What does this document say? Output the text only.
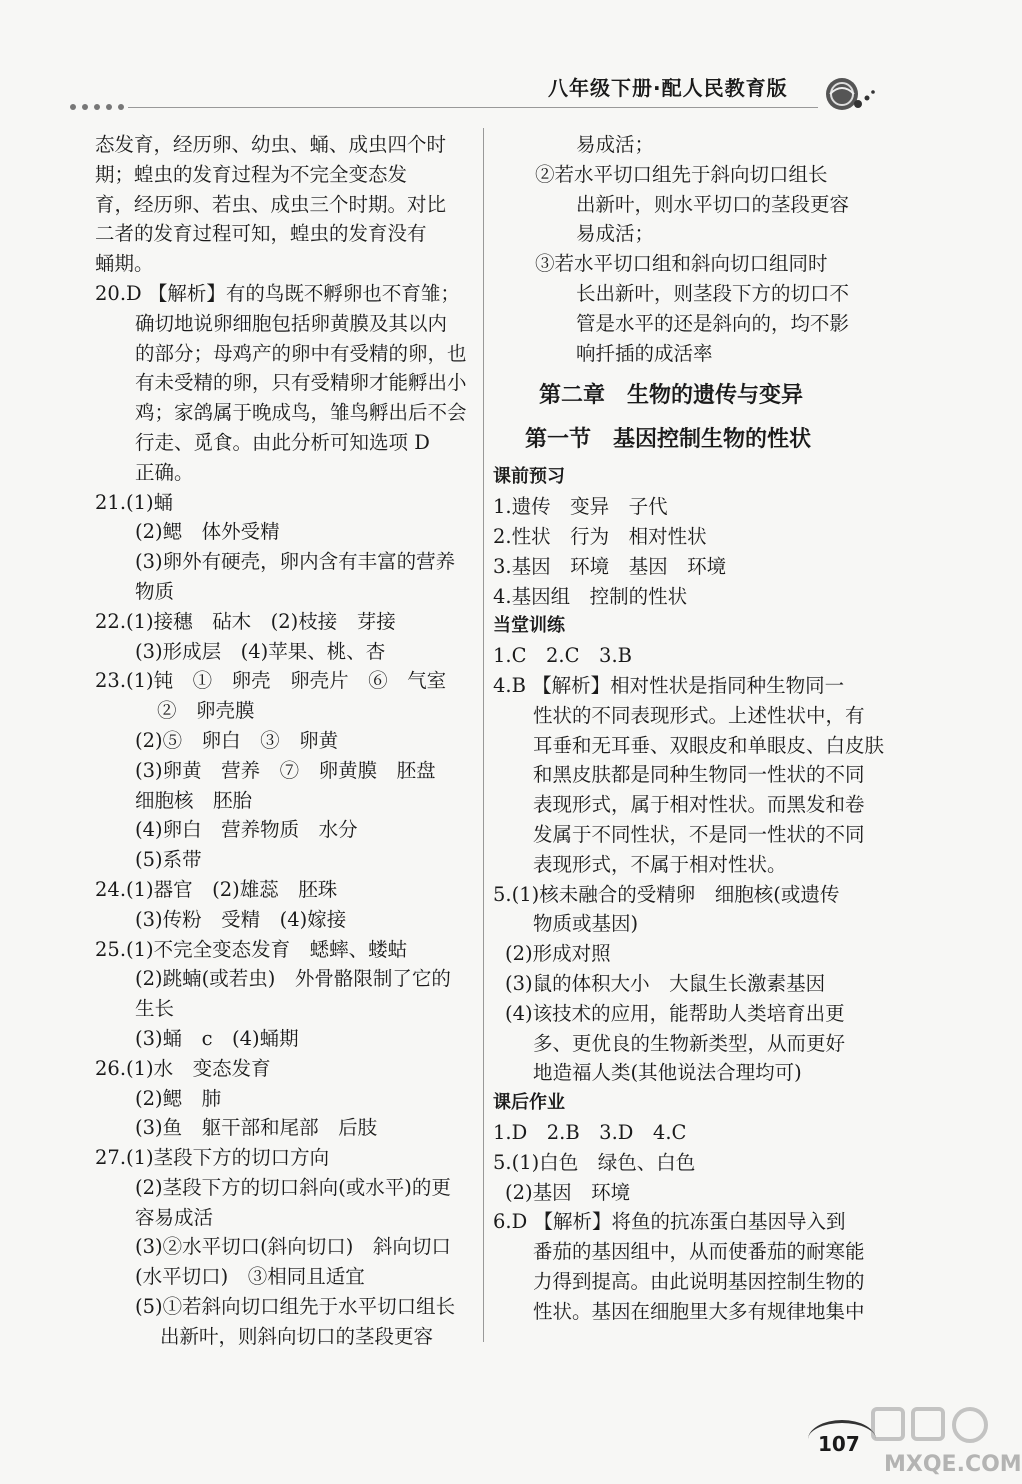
八年级下册·配人民教育版
态发育，经历卵、幼虫、蛹、成虫四个时
期；蝗虫的发育过程为不完全变态发
育，经历卵、若虫、成虫三个时期。对比
二者的发育过程可知，蝗虫的发育没有
蛹期。
20.D 【解析】有的鸟既不孵卵也不育雏；
确切地说卵细胞包括卵黄膜及其以内
的部分；母鸡产的卵中有受精的卵，也
有未受精的卵，只有受精卵才能孵出小
鸡；家鸽属于晚成鸟，雏鸟孵出后不会
行走、觅食。由此分析可知选项 D
正确。
21.(1)蛹
(2)鳃　体外受精
(3)卵外有硬壳，卵内含有丰富的营养
物质
22.(1)接穗　砧木　(2)枝接　芽接
(3)形成层　(4)苹果、桃、杏
23.(1)钝　①　卵壳　卵壳片　⑥　气室
②　卵壳膜
(2)⑤　卵白　③　卵黄
(3)卵黄　营养　⑦　卵黄膜　胚盘
细胞核　胚胎
(4)卵白　营养物质　水分
(5)系带
24.(1)器官　(2)雄蕊　胚珠
(3)传粉　受精　(4)嫁接
25.(1)不完全变态发育　蟋蟀、蝼蛄
(2)跳蝻(或若虫)　外骨骼限制了它的
生长
(3)蛹　c　(4)蛹期
26.(1)水　变态发育
(2)鳃　肺
(3)鱼　躯干部和尾部　后肢
27.(1)茎段下方的切口方向
(2)茎段下方的切口斜向(或水平)的更
容易成活
(3)②水平切口(斜向切口)　斜向切口
(水平切口)　③相同且适宜
(5)①若斜向切口组先于水平切口组长
出新叶，则斜向切口的茎段更容
易成活；
②若水平切口组先于斜向切口组长
出新叶，则水平切口的茎段更容
易成活；
③若水平切口组和斜向切口组同时
长出新叶，则茎段下方的切口不
管是水平的还是斜向的，均不影
响扦插的成活率
第二章　生物的遗传与变异
第一节　基因控制生物的性状
课前预习
1.遗传　变异　子代
2.性状　行为　相对性状
3.基因　环境　基因　环境
4.基因组　控制的性状
当堂训练
1.C　2.C　3.B
4.B 【解析】相对性状是指同种生物同一
性状的不同表现形式。上述性状中，有
耳垂和无耳垂、双眼皮和单眼皮、白皮肤
和黑皮肤都是同种生物同一性状的不同
表现形式，属于相对性状。而黑发和卷
发属于不同性状，不是同一性状的不同
表现形式，不属于相对性状。
5.(1)核未融合的受精卵　细胞核(或遗传
物质或基因)
(2)形成对照
(3)鼠的体积大小　大鼠生长激素基因
(4)该技术的应用，能帮助人类培育出更
多、更优良的生物新类型，从而更好
地造福人类(其他说法合理均可)
课后作业
1.D　2.B　3.D　4.C
5.(1)白色　绿色、白色
(2)基因　环境
6.D 【解析】将鱼的抗冻蛋白基因导入到
番茄的基因组中，从而使番茄的耐寒能
力得到提高。由此说明基因控制生物的
性状。基因在细胞里大多有规律地集中
107
MXQE.COM
